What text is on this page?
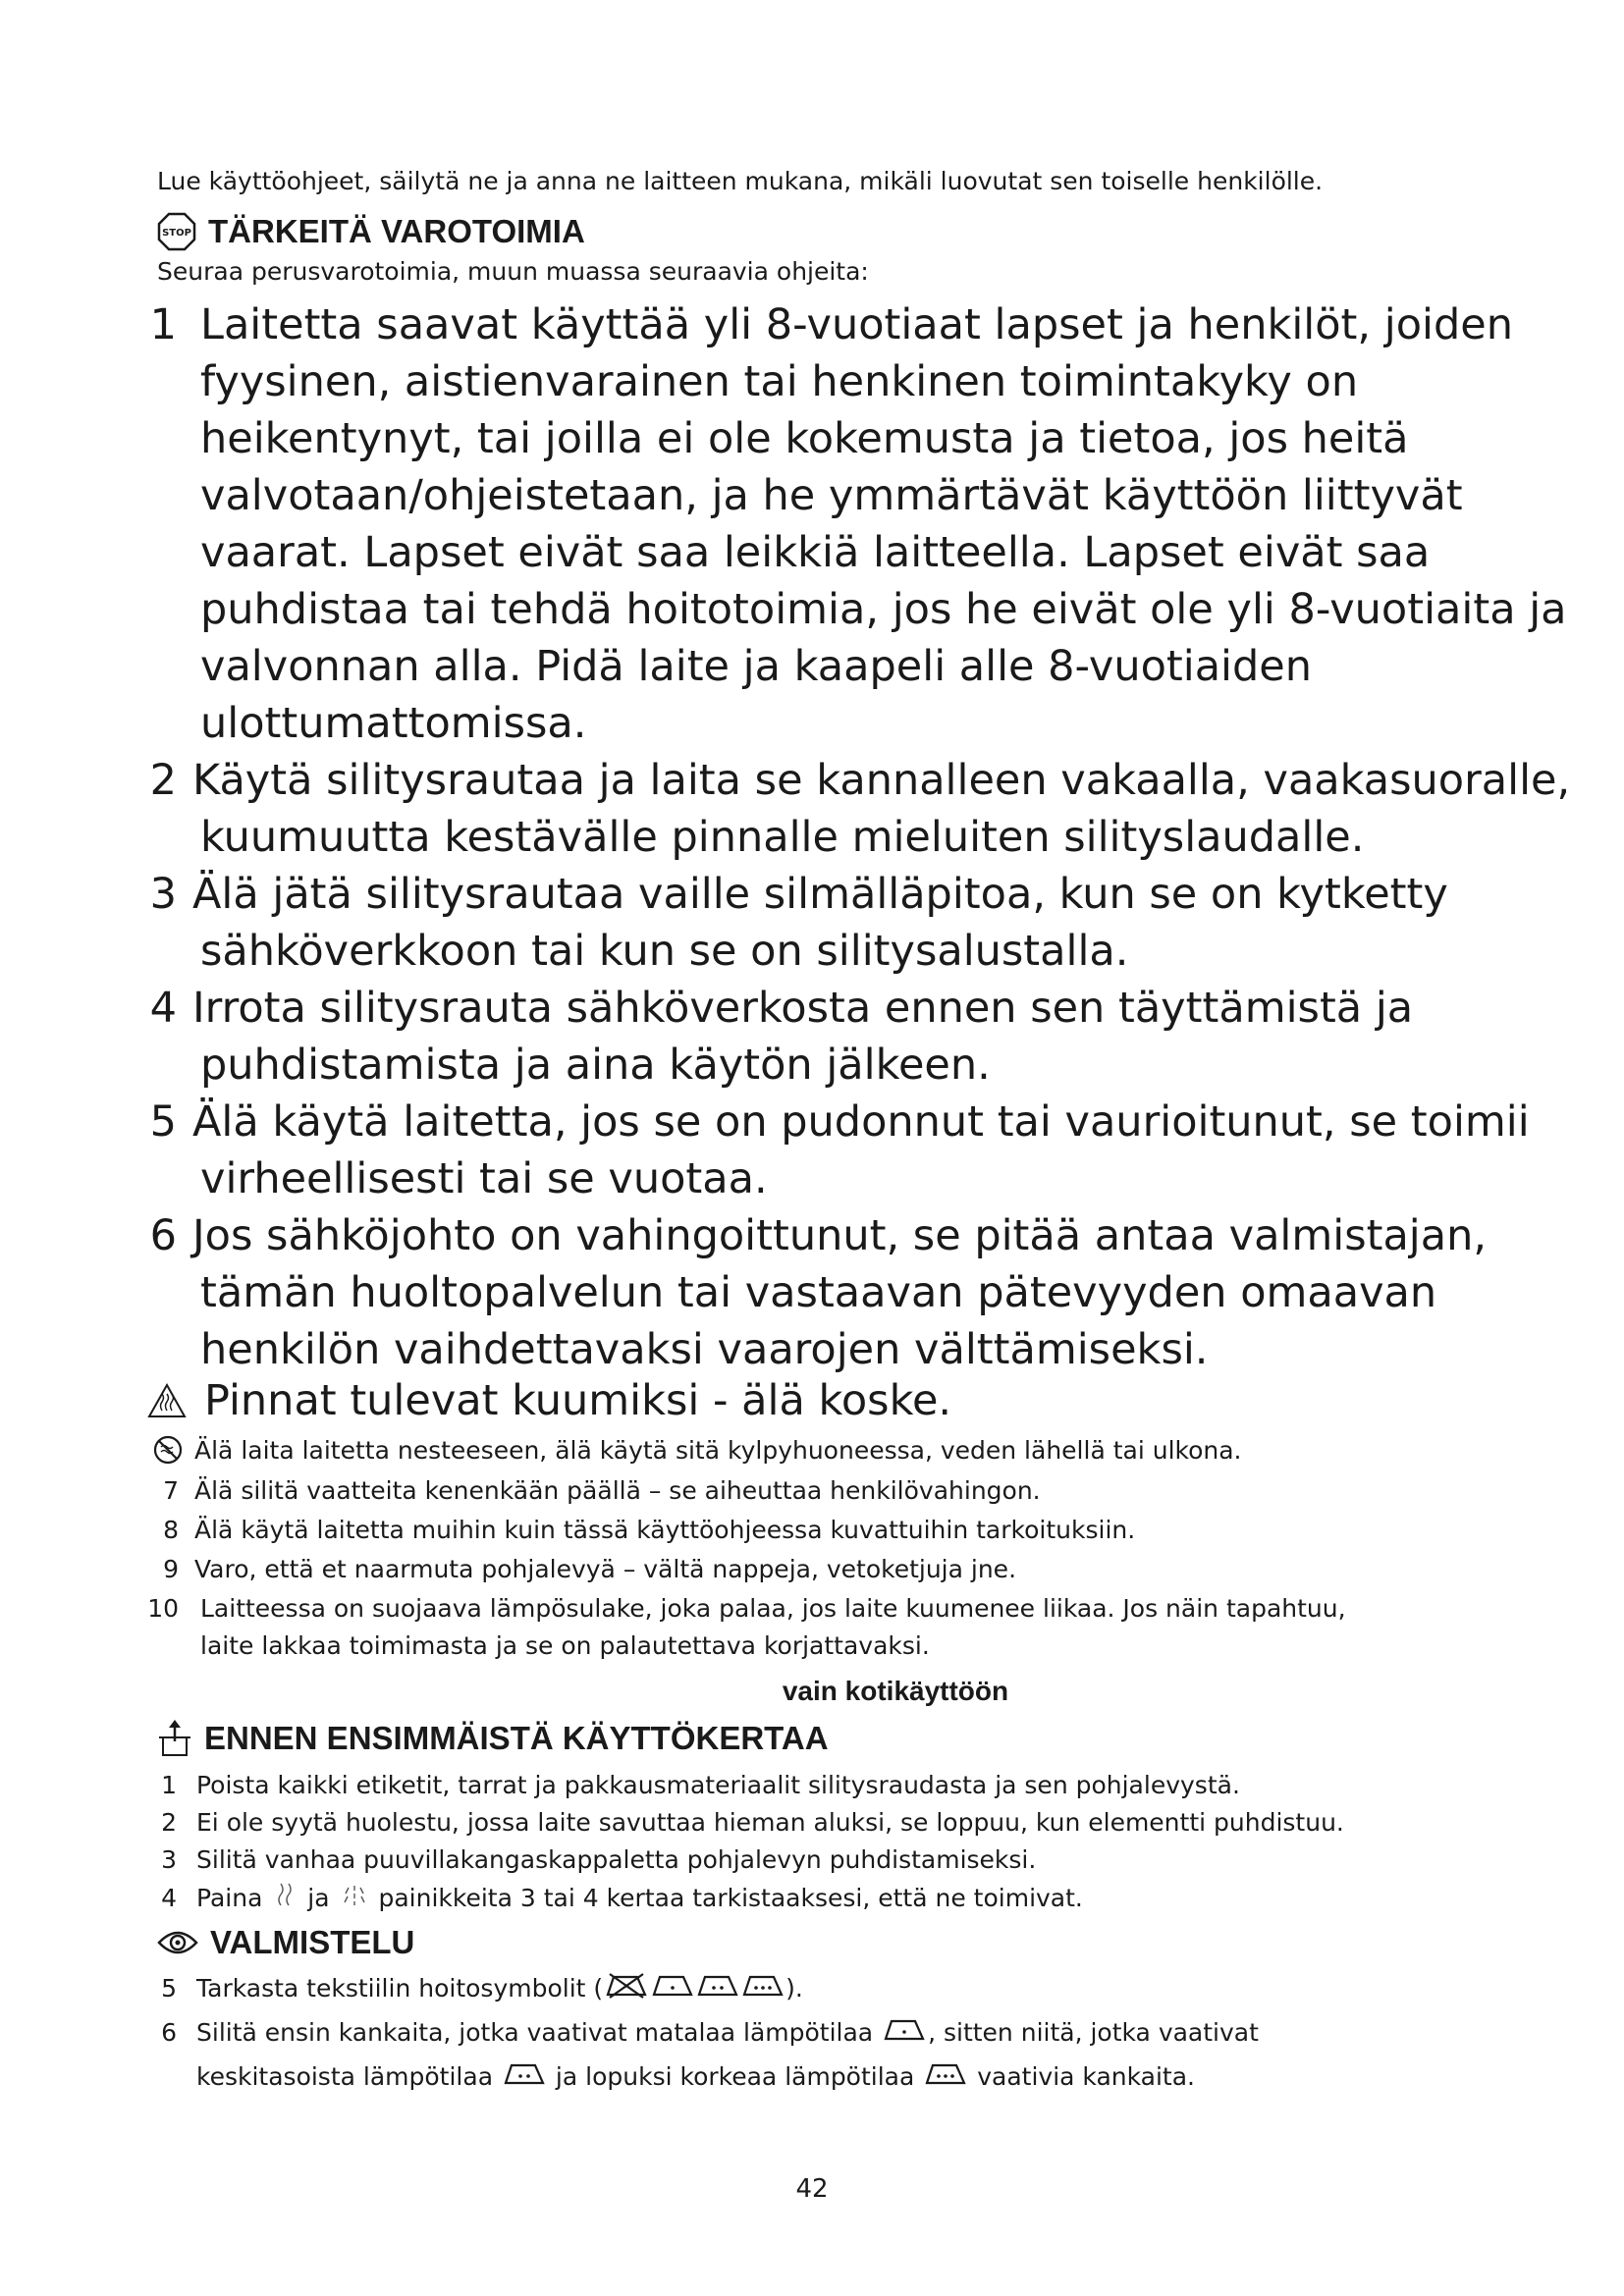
Lue käyttöohjeet, säilytä ne ja anna ne laitteen mukana, mikäli luovutat sen toiselle henkilölle.
STOP TÄRKEITÄ VAROTOIMIA
Seuraa perusvarotoimia, muun muassa seuraavia ohjeita:
1 Laitetta saavat käyttää yli 8-vuotiaat lapset ja henkilöt, joiden
fyysinen, aistienvarainen tai henkinen toimintakyky on
heikentynyt, tai joilla ei ole kokemusta ja tietoa, jos heitä
valvotaan/ohjeistetaan, ja he ymmärtävät käyttöön liittyvät
vaarat. Lapset eivät saa leikkiä laitteella. Lapset eivät saa
puhdistaa tai tehdä hoitotoimia, jos he eivät ole yli 8-vuotiaita ja
valvonnan alla. Pidä laite ja kaapeli alle 8-vuotiaiden
ulottumattomissa.
2 Käytä silitysrautaa ja laita se kannalleen vakaalla, vaakasuoralle,
kuumuutta kestävälle pinnalle mieluiten silityslaudalle.
3 Älä jätä silitysrautaa vaille silmälläpitoa, kun se on kytketty
sähköverkkoon tai kun se on silitysalustalla.
4 Irrota silitysrauta sähköverkosta ennen sen täyttämistä ja
puhdistamista ja aina käytön jälkeen.
5 Älä käytä laitetta, jos se on pudonnut tai vaurioitunut, se toimii
virheellisesti tai se vuotaa.
6 Jos sähköjohto on vahingoittunut, se pitää antaa valmistajan,
tämän huoltopalvelun tai vastaavan pätevyyden omaavan
henkilön vaihdettavaksi vaarojen välttämiseksi.
Pinnat tulevat kuumiksi - älä koske.
Älä laita laitetta nesteeseen, älä käytä sitä kylpyhuoneessa, veden lähellä tai ulkona.
7 Älä silitä vaatteita kenenkään päällä – se aiheuttaa henkilövahingon.
8 Älä käytä laitetta muihin kuin tässä käyttöohjeessa kuvattuihin tarkoituksiin.
9 Varo, että et naarmuta pohjalevyä – vältä nappeja, vetoketjuja jne.
10 Laitteessa on suojaava lämpösulake, joka palaa, jos laite kuumenee liikaa. Jos näin tapahtuu,
laite lakkaa toimimasta ja se on palautettava korjattavaksi.
vain kotikäyttöön
ENNEN ENSIMMÄISTÄ KÄYTTÖKERTAA
1 Poista kaikki etiketit, tarrat ja pakkausmateriaalit silitysraudasta ja sen pohjalevystä.
2 Ei ole syytä huolestu, jossa laite savuttaa hieman aluksi, se loppuu, kun elementti puhdistuu.
3 Silitä vanhaa puuvillakangaskappaletta pohjalevyn puhdistamiseksi.
4 Paina ja painikkeita 3 tai 4 kertaa tarkistaaksesi, että ne toimivat.
VALMISTELU
5 Tarkasta tekstiilin hoitosymbolit (	).
6 Silitä ensin kankaita, jotka vaativat matalaa lämpötilaa , sitten niitä, jotka vaativat
keskitasoista lämpötilaa	ja lopuksi korkeaa lämpötilaa	vaativia kankaita.
42
